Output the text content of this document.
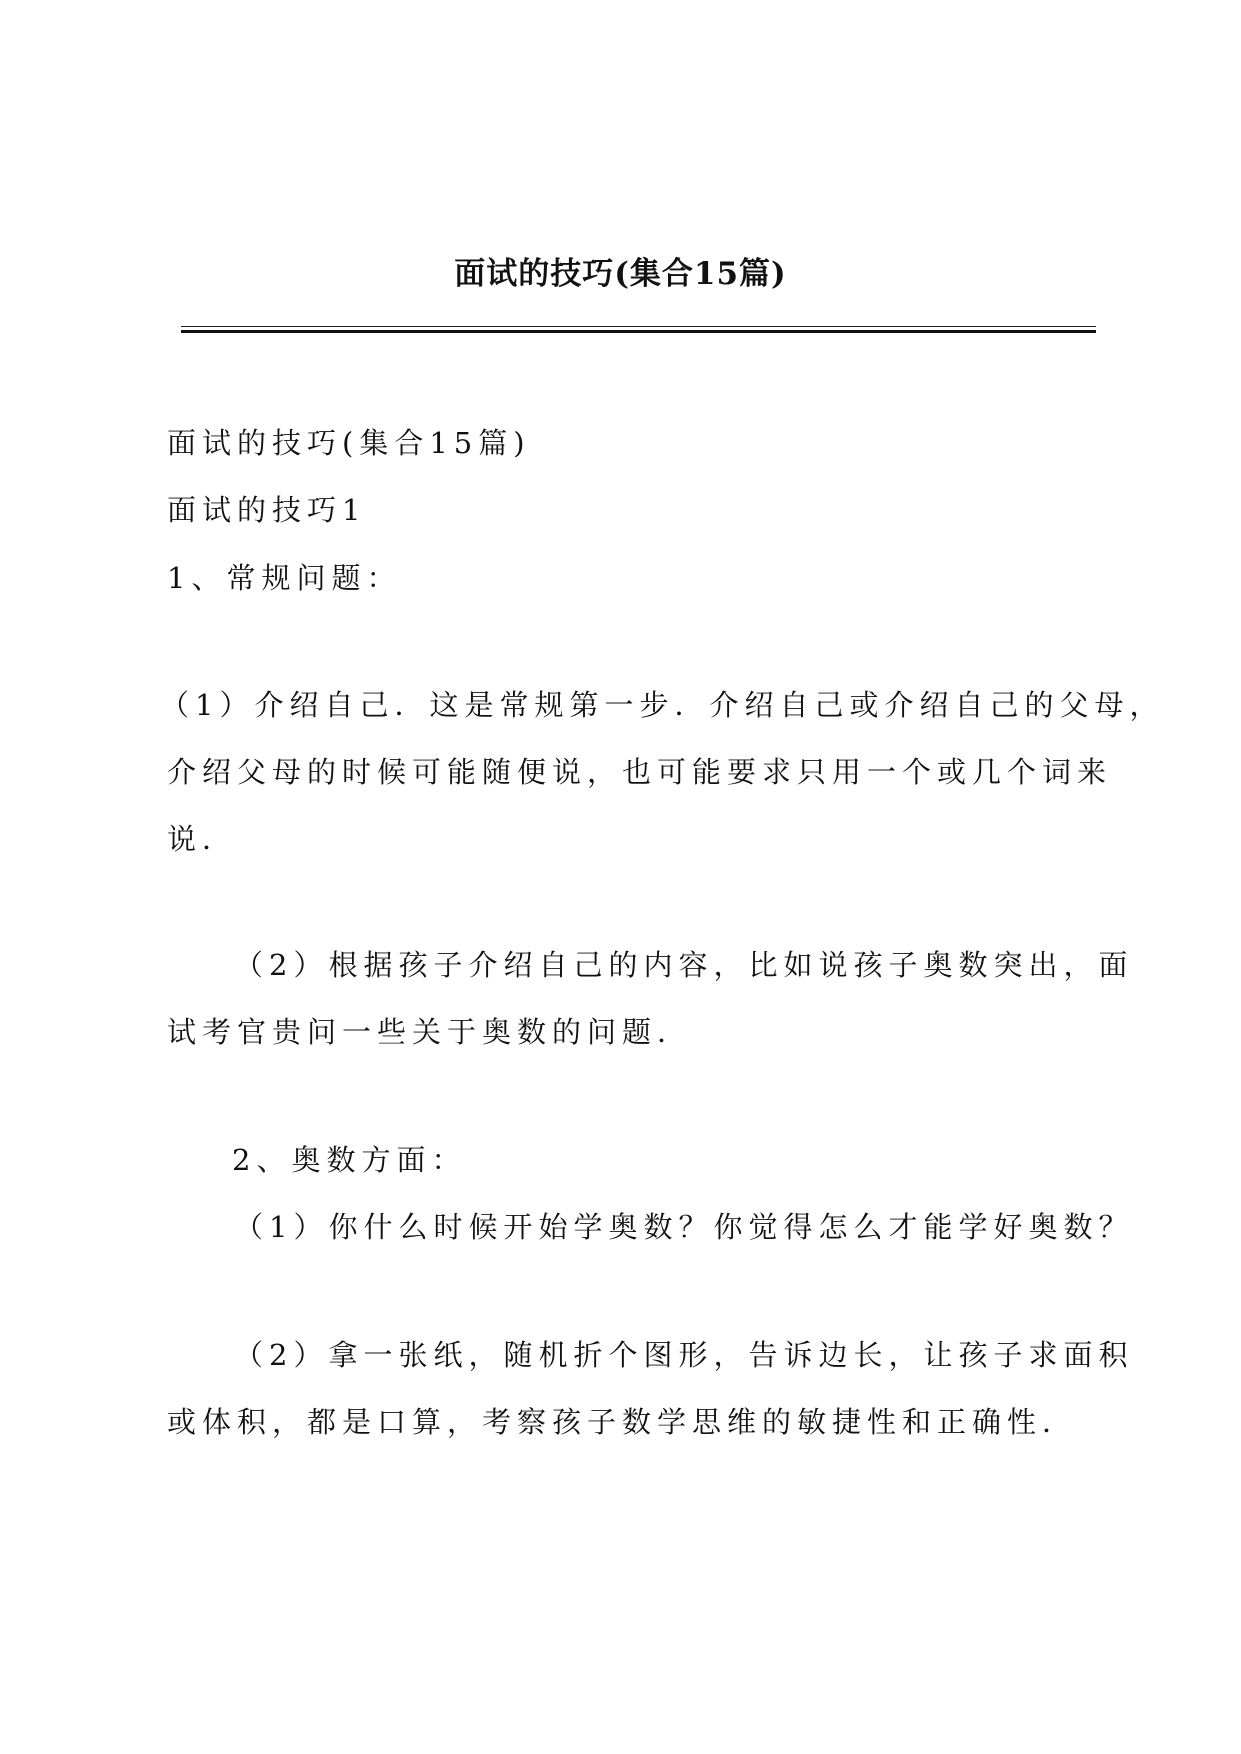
面试的技巧(集合15篇)
面试的技巧(集合15篇)
面试的技巧1
1、常规问题：
（1）介绍自己．这是常规第一步．介绍自己或介绍自己的父母，
介绍父母的时候可能随便说，也可能要求只用一个或几个词来
说．
（2）根据孩子介绍自己的内容，比如说孩子奥数突出，面
试考官贵问一些关于奥数的问题．
2、奥数方面：
（1）你什么时候开始学奥数？你觉得怎么才能学好奥数？
（2）拿一张纸，随机折个图形，告诉边长，让孩子求面积
或体积，都是口算，考察孩子数学思维的敏捷性和正确性．
